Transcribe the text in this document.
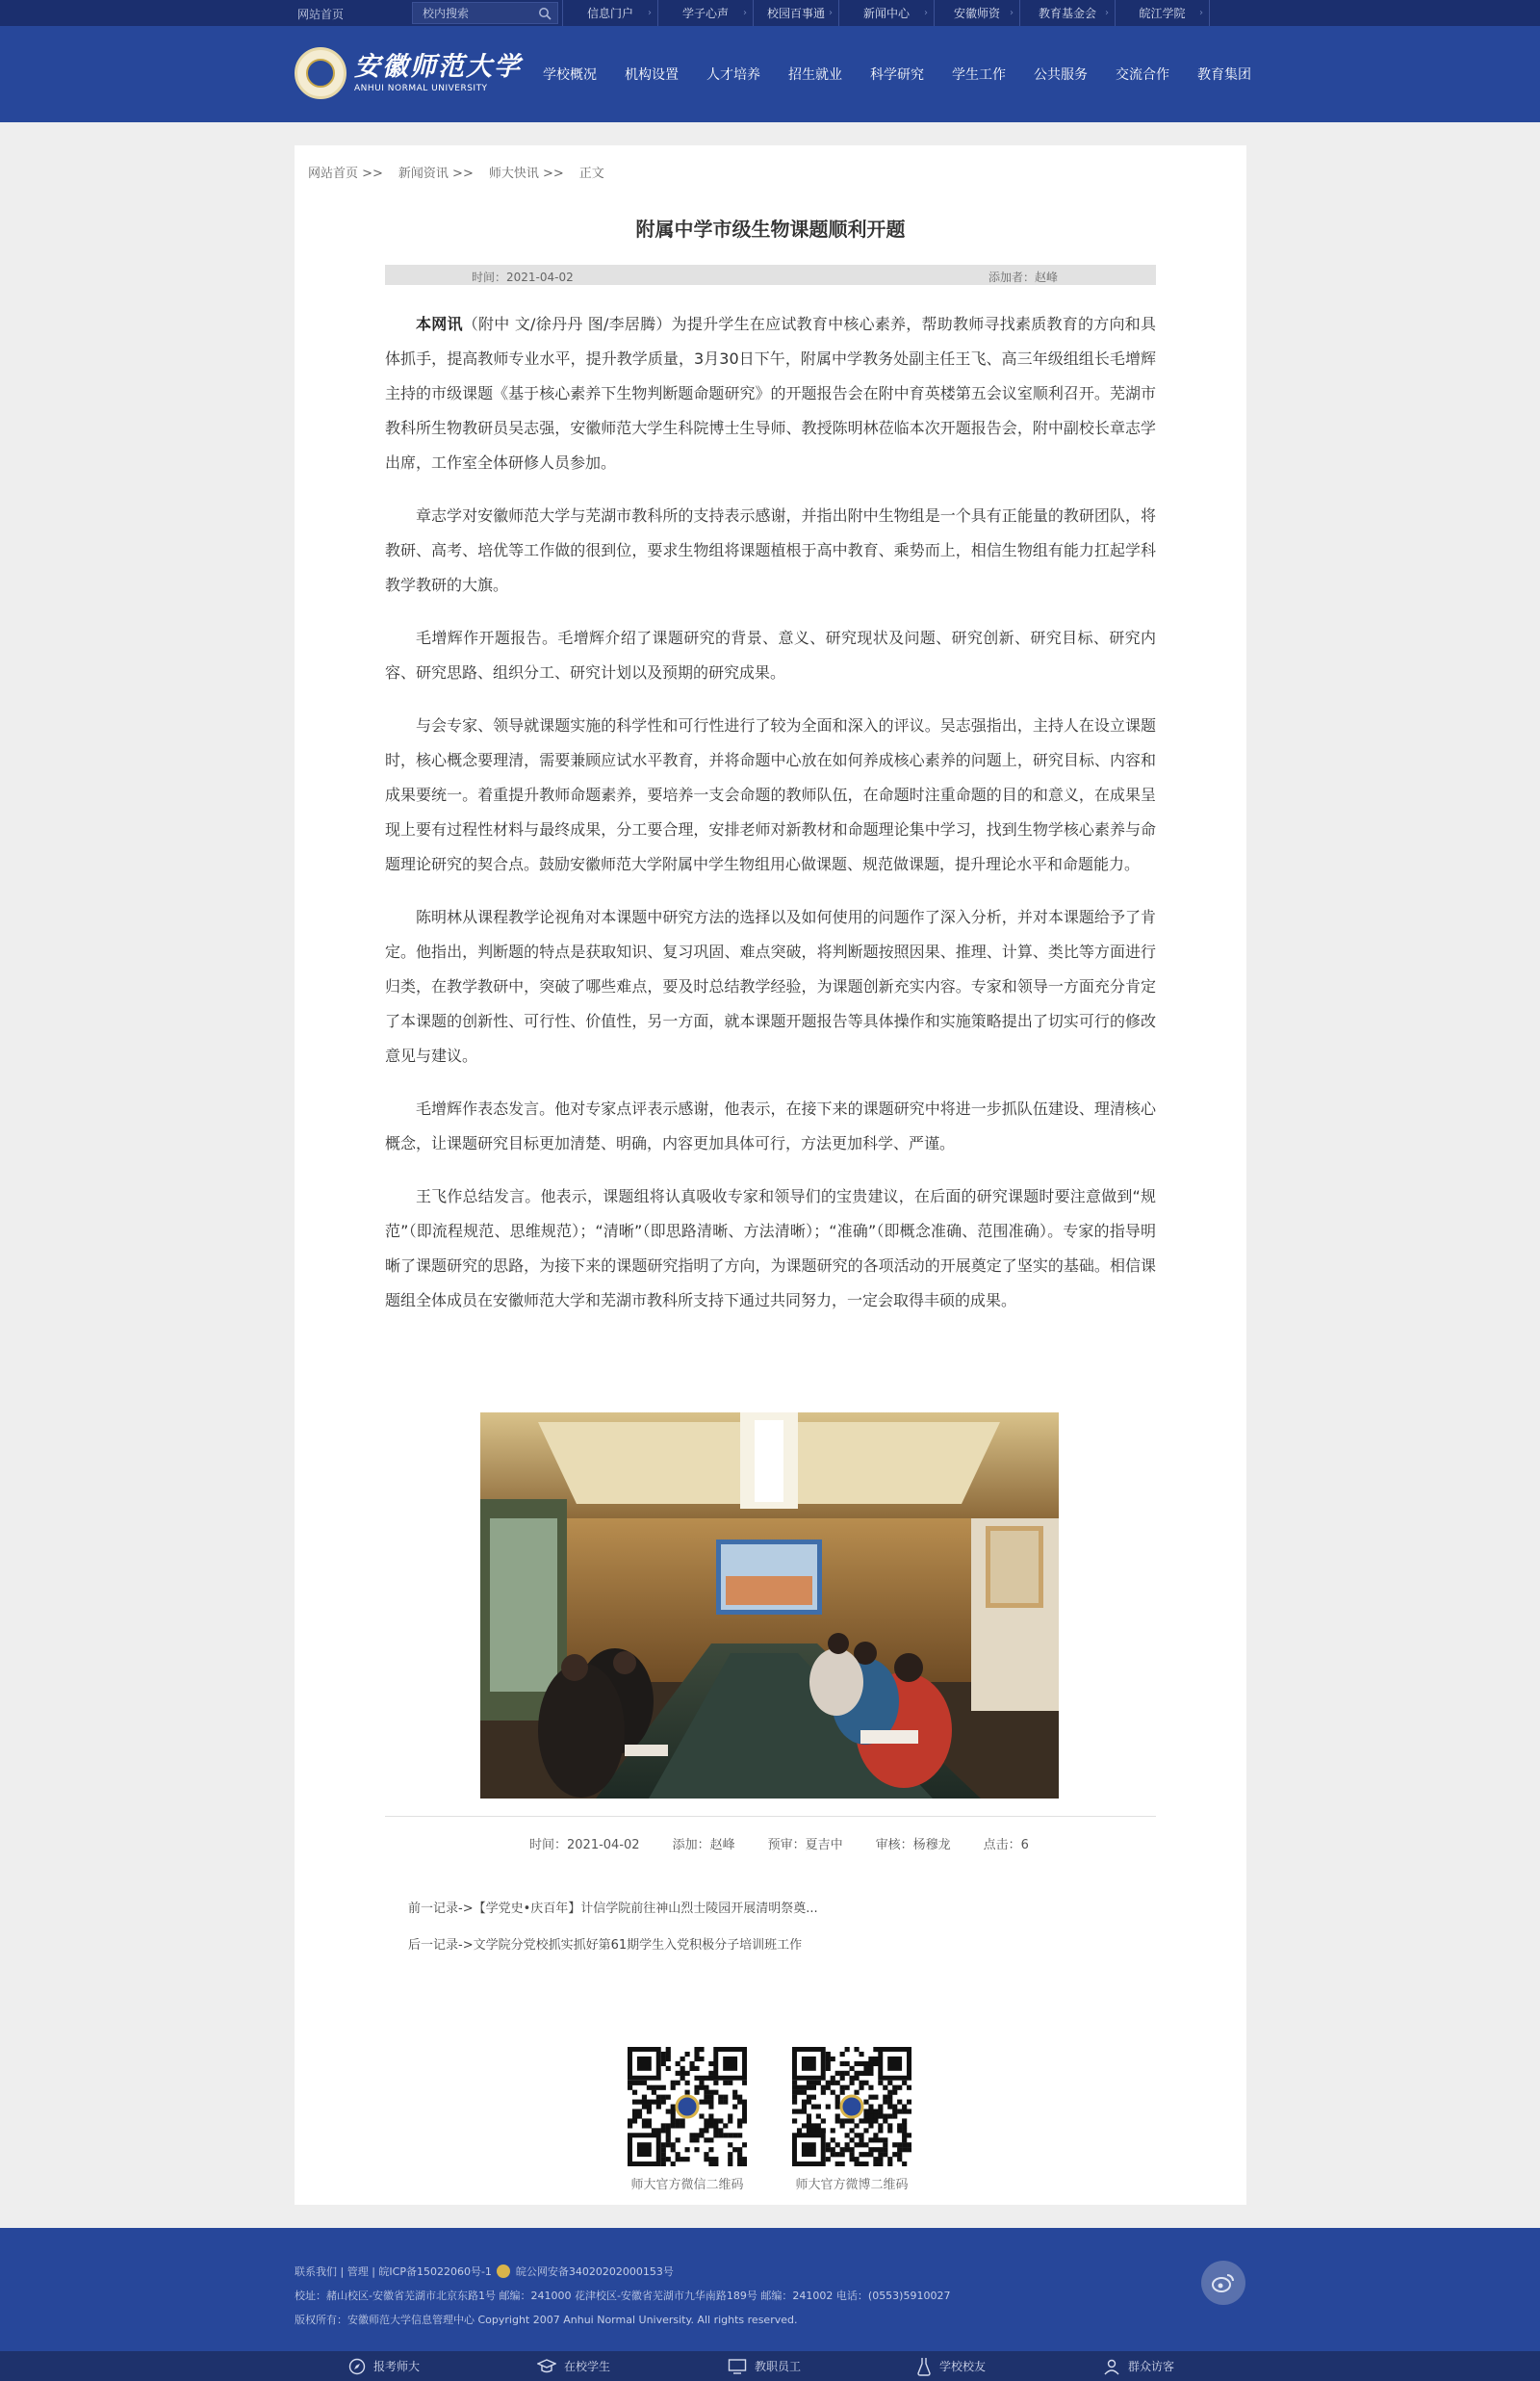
网站首页	校内搜索	信息门户 ›	学子心声 › 校园百事通 ›	新闻中心 › 安徽师资 › 教育基金会 ›	皖江学院 ›
安徽师范大学
ANHUI NORMAL UNIVERSITY
学校概况 机构设置 人才培养 招生就业 科学研究 学生工作 公共服务 交流合作 教育集团
网站首页 >> 新闻资讯 >> 师大快讯 >> 正文
附属中学市级生物课题顺利开题
时间：2021-04-02	添加者：赵峰

本网讯（附中 文/徐丹丹 图/李居腾）为提升学生在应试教育中核心素养，帮助教师寻找素质教育的方向和具体抓手，提高教师专业水平，提升教学质量，3月30日下午，附属中学教务处副主任王飞、高三年级组组长毛增辉主持的市级课题《基于核心素养下生物判断题命题研究》的开题报告会在附中育英楼第五会议室顺利召开。芜湖市教科所生物教研员吴志强，安徽师范大学生科院博士生导师、教授陈明林莅临本次开题报告会，附中副校长章志学出席，工作室全体研修人员参加。

章志学对安徽师范大学与芜湖市教科所的支持表示感谢，并指出附中生物组是一个具有正能量的教研团队，将教研、高考、培优等工作做的很到位，要求生物组将课题植根于高中教育、乘势而上，相信生物组有能力扛起学科教学教研的大旗。

毛增辉作开题报告。毛增辉介绍了课题研究的背景、意义、研究现状及问题、研究创新、研究目标、研究内容、研究思路、组织分工、研究计划以及预期的研究成果。

与会专家、领导就课题实施的科学性和可行性进行了较为全面和深入的评议。吴志强指出，主持人在设立课题时，核心概念要理清，需要兼顾应试水平教育，并将命题中心放在如何养成核心素养的问题上，研究目标、内容和成果要统一。着重提升教师命题素养，要培养一支会命题的教师队伍，在命题时注重命题的目的和意义，在成果呈现上要有过程性材料与最终成果，分工要合理，安排老师对新教材和命题理论集中学习，找到生物学核心素养与命题理论研究的契合点。鼓励安徽师范大学附属中学生物组用心做课题、规范做课题，提升理论水平和命题能力。

陈明林从课程教学论视角对本课题中研究方法的选择以及如何使用的问题作了深入分析，并对本课题给予了肯定。他指出，判断题的特点是获取知识、复习巩固、难点突破，将判断题按照因果、推理、计算、类比等方面进行归类，在教学教研中，突破了哪些难点，要及时总结教学经验，为课题创新充实内容。专家和领导一方面充分肯定了本课题的创新性、可行性、价值性，另一方面，就本课题开题报告等具体操作和实施策略提出了切实可行的修改意见与建议。

毛增辉作表态发言。他对专家点评表示感谢，他表示，在接下来的课题研究中将进一步抓队伍建设、理清核心概念，让课题研究目标更加清楚、明确，内容更加具体可行，方法更加科学、严谨。

王飞作总结发言。他表示，课题组将认真吸收专家和领导们的宝贵建议，在后面的研究课题时要注意做到“规范”（即流程规范、思维规范）；“清晰”（即思路清晰、方法清晰）；“准确”（即概念准确、范围准确）。专家的指导明晰了课题研究的思路，为接下来的课题研究指明了方向，为课题研究的各项活动的开展奠定了坚实的基础。相信课题组全体成员在安徽师范大学和芜湖市教科所支持下通过共同努力，一定会取得丰硕的成果。

时间：2021-04-02	添加：赵峰	预审：夏吉中	审核：杨穆龙	点击：6
前一记录->【学党史•庆百年】计信学院前往神山烈士陵园开展清明祭奠...
后一记录->文学院分党校抓实抓好第61期学生入党积极分子培训班工作
师大官方微信二维码	师大官方微博二维码
联系我们 | 管理 | 皖ICP备15022060号-1 皖公网安备34020202000153号
校址：赭山校区-安徽省芜湖市北京东路1号 邮编：241000 花津校区-安徽省芜湖市九华南路189号 邮编：241002 电话：(0553)5910027
版权所有：安徽师范大学信息管理中心 Copyright 2007 Anhui Normal University. All rights reserved.
报考师大	在校学生	教职员工	学校校友	群众访客
